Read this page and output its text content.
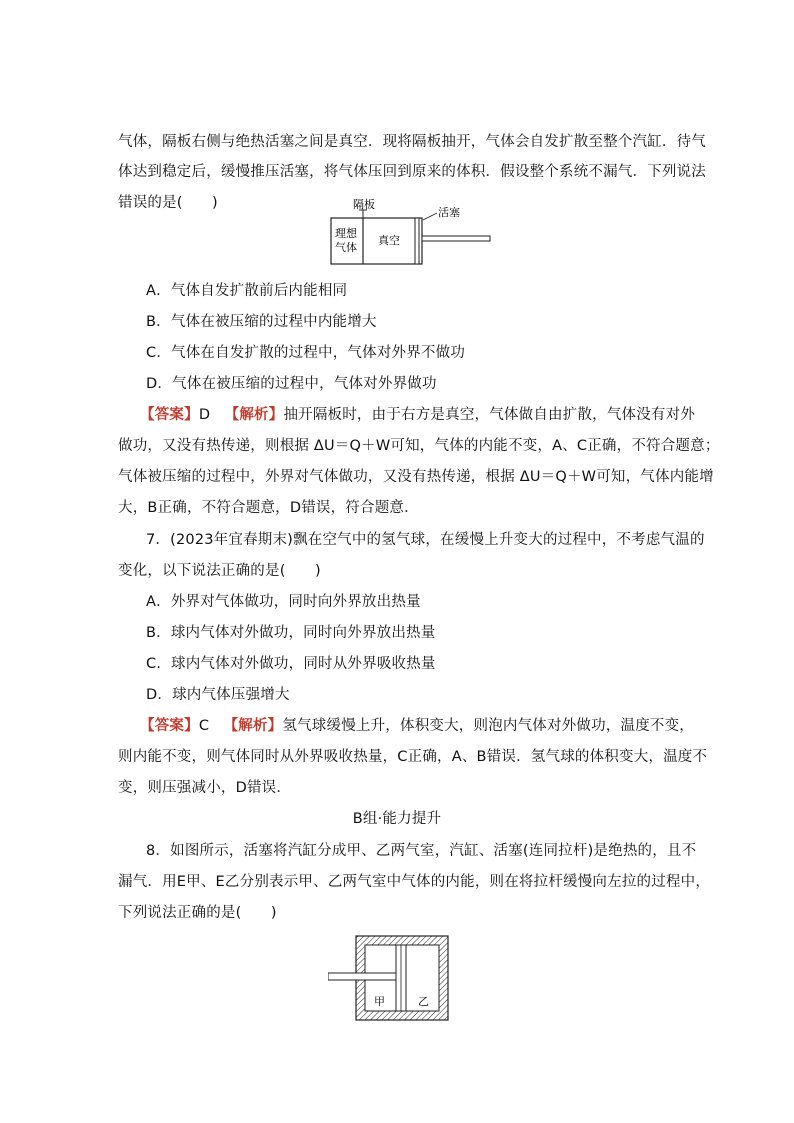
气体，隔板右侧与绝热活塞之间是真空．现将隔板抽开，气体会自发扩散至整个汽缸．待气
体达到稳定后，缓慢推压活塞，将气体压回到原来的体积．假设整个系统不漏气．下列说法
错误的是(　　)	隔板
活塞
理想
气体
真空
A．气体自发扩散前后内能相同
B．气体在被压缩的过程中内能增大
C．气体在自发扩散的过程中，气体对外界不做功
D．气体在被压缩的过程中，气体对外界做功
【答案】D 【解析】抽开隔板时，由于右方是真空，气体做自由扩散，气体没有对外
做功，又没有热传递，则根据 ΔU＝Q＋W可知，气体的内能不变，A、C正确，不符合题意；
气体被压缩的过程中，外界对气体做功，又没有热传递，根据 ΔU＝Q＋W可知，气体内能增
大，B正确，不符合题意，D错误，符合题意．
7．(2023年宜春期末)飘在空气中的氢气球，在缓慢上升变大的过程中，不考虑气温的
变化，以下说法正确的是(　　)
A．外界对气体做功，同时向外界放出热量
B．球内气体对外做功，同时向外界放出热量
C．球内气体对外做功，同时从外界吸收热量
D．球内气体压强增大
【答案】C 【解析】氢气球缓慢上升，体积变大，则泡内气体对外做功，温度不变，
则内能不变，则气体同时从外界吸收热量，C正确，A、B错误．氢气球的体积变大，温度不
变，则压强减小，D错误．
B组·能力提升
8．如图所示，活塞将汽缸分成甲、乙两气室，汽缸、活塞(连同拉杆)是绝热的，且不
漏气．用E甲、E乙分别表示甲、乙两气室中气体的内能，则在将拉杆缓慢向左拉的过程中，
下列说法正确的是(　　)
甲	乙
